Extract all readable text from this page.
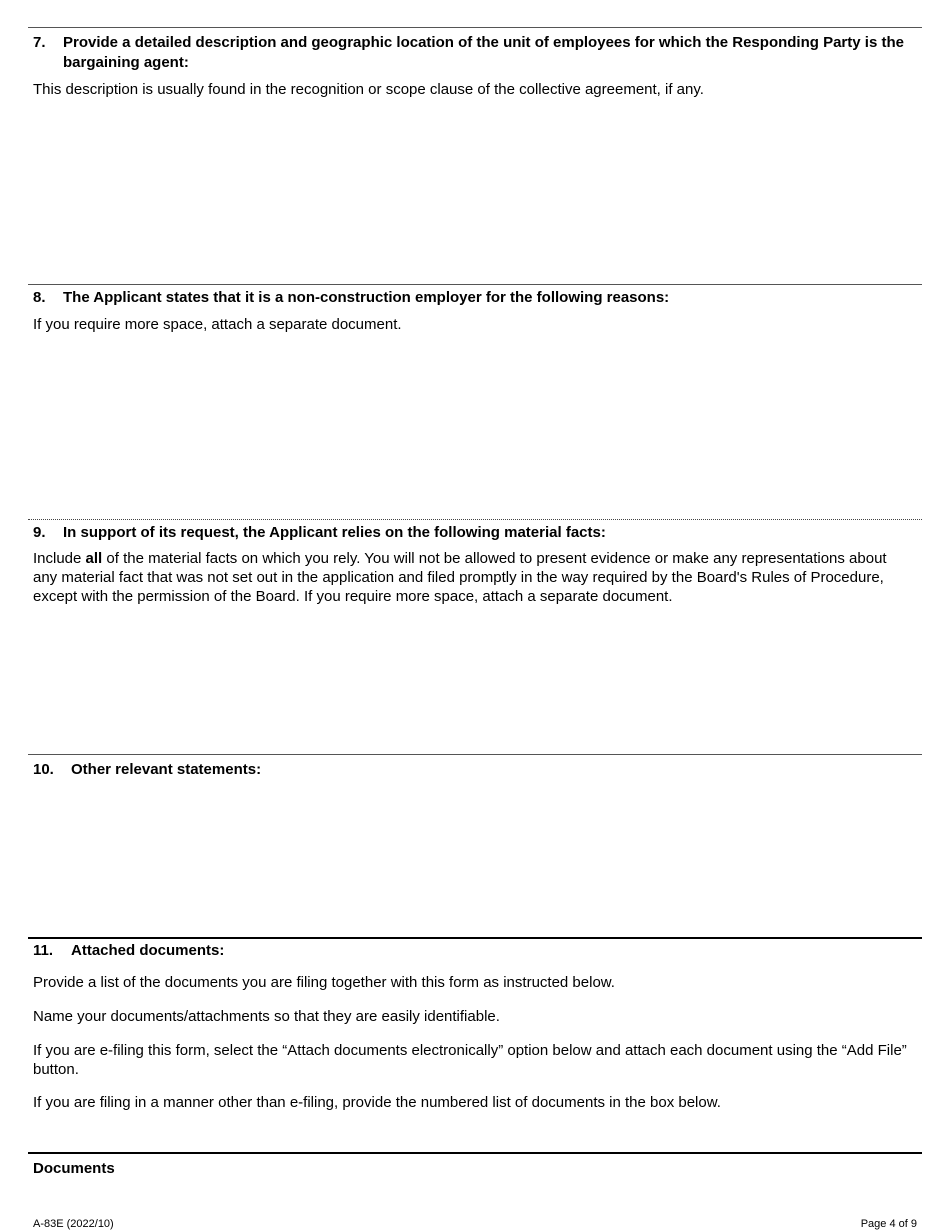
7.	Provide a detailed description and geographic location of the unit of employees for which the Responding Party is the bargaining agent:
This description is usually found in the recognition or scope clause of the collective agreement, if any.
8.	The Applicant states that it is a non-construction employer for the following reasons:
If you require more space, attach a separate document.
9.	In support of its request, the Applicant relies on the following material facts:
Include all of the material facts on which you rely. You will not be allowed to present evidence or make any representations about any material fact that was not set out in the application and filed promptly in the way required by the Board's Rules of Procedure, except with the permission of the Board. If you require more space, attach a separate document.
10.	Other relevant statements:
11.	Attached documents:
Provide a list of the documents you are filing together with this form as instructed below.
Name your documents/attachments so that they are easily identifiable.
If you are e-filing this form, select the “Attach documents electronically” option below and attach each document using the “Add File” button.
If you are filing in a manner other than e-filing, provide the numbered list of documents in the box below.
Documents
A-83E (2022/10)	Page 4 of 9
